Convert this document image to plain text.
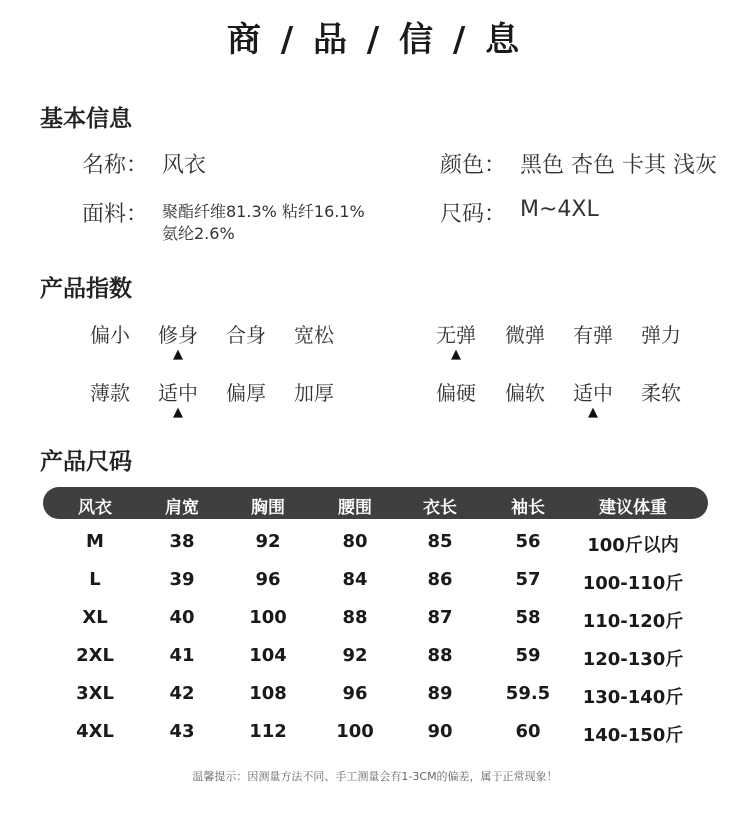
商 / 品 / 信 / 息
基本信息
名称： 风衣	颜色： 黑色 杏色 卡其 浅灰
面料： 聚酯纤维81.3% 粘纤16.1%
氨纶2.6%
尺码： M~4XL
产品指数
偏小 修身
▲
合身 宽松	无弹
▲
微弹 有弹 弹力
薄款 适中
▲
偏厚 加厚	偏硬 偏软 适中
▲
柔软
产品尺码
风衣	肩宽	胸围	腰围	衣长	袖长	建议体重
M	38	92	80	85	56	100斤以内
L	39	96	84	86	57 100-110斤
XL	40	100	88	87	58 110-120斤
2XL	41	104	92	88	59 120-130斤
3XL	42	108	96	89	59.5 130-140斤
4XL	43	112	100	90	60 140-150斤
温馨提示：因测量方法不同、手工测量会有1-3CM的偏差，属于正常现象！
